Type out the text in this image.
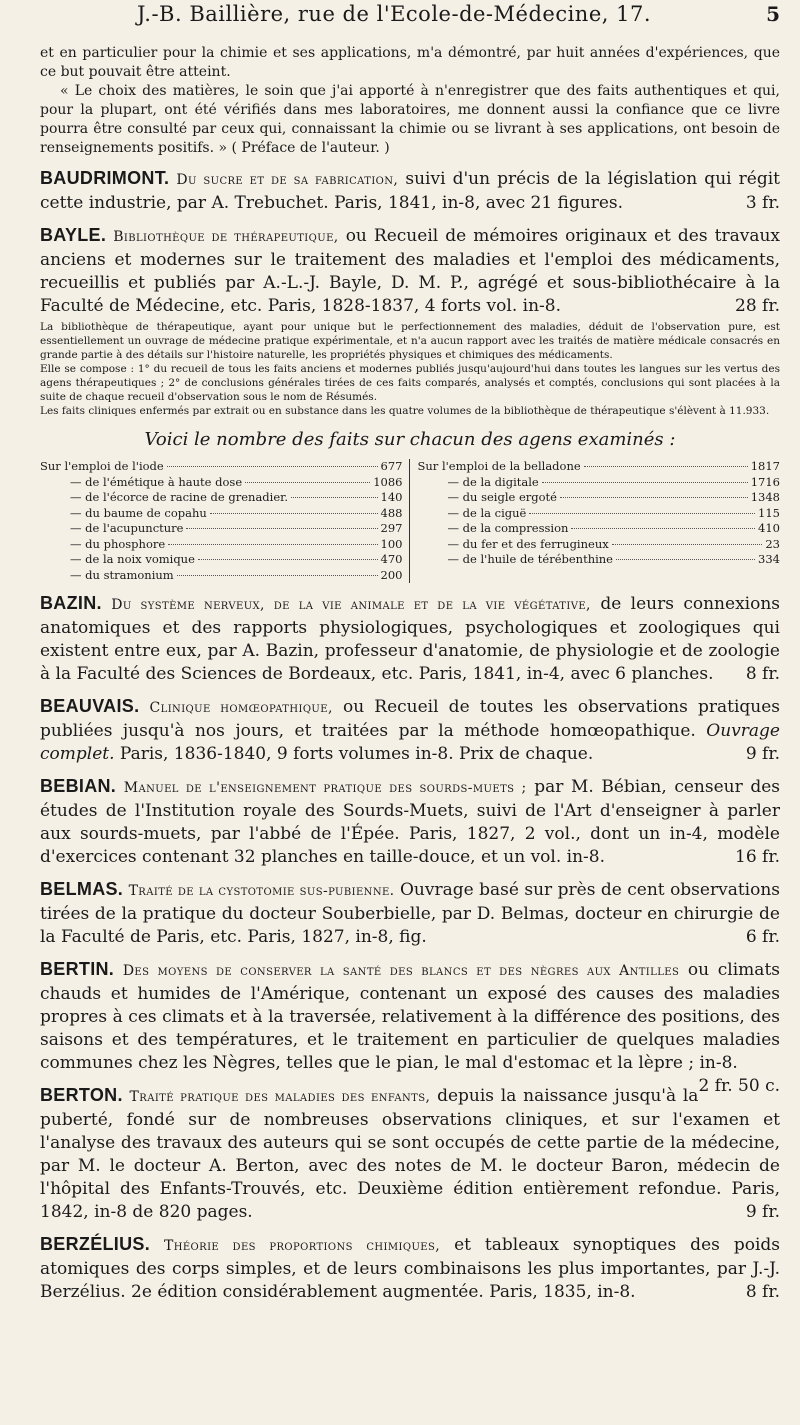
J.-B. Baillière, rue de l'Ecole-de-Médecine, 17.	5

et en particulier pour la chimie et ses applications, m'a démontré, par huit années d'expériences, que ce but pouvait être atteint.

« Le choix des matières, le soin que j'ai apporté à n'enregistrer que des faits authentiques et qui, pour la plupart, ont été vérifiés dans mes laboratoires, me donnent aussi la confiance que ce livre pourra être consulté par ceux qui, connaissant la chimie ou se livrant à ses applications, ont besoin de renseignements positifs. » ( Préface de l'auteur. )

BAUDRIMONT. Du sucre et de sa fabrication, suivi d'un précis de la législation qui régit cette industrie, par A. Trebuchet. Paris, 1841, in-8, avec 21 figures.	3 fr.

BAYLE. Bibliothèque de thérapeutique, ou Recueil de mémoires originaux et des travaux anciens et modernes sur le traitement des maladies et l'emploi des médicaments, recueillis et publiés par A.-L.-J. Bayle, D. M. P., agrégé et sous-bibliothécaire à la Faculté de Médecine, etc. Paris, 1828-1837, 4 forts vol. in-8.	28 fr.

La bibliothèque de thérapeutique, ayant pour unique but le perfectionnement des maladies, déduit de l'observation pure, est essentiellement un ouvrage de médecine pratique expérimentale, et n'a aucun rapport avec les traités de matière médicale consacrés en grande partie à des détails sur l'histoire naturelle, les propriétés physiques et chimiques des médicaments.

Elle se compose : 1° du recueil de tous les faits anciens et modernes publiés jusqu'aujourd'hui dans toutes les langues sur les vertus des agens thérapeutiques ; 2° de conclusions générales tirées de ces faits comparés, analysés et comptés, conclusions qui sont placées à la suite de chaque recueil d'observation sous le nom de Résumés.

Les faits cliniques enfermés par extrait ou en substance dans les quatre volumes de la bibliothèque de thérapeutique s'élèvent à 11.933.

Voici le nombre des faits sur chacun des agens examinés :
Sur l'emploi de l'iode	677
— de l'émétique à haute dose	1086
— de l'écorce de racine de grenadier.	140
— du baume de copahu	488
— de l'acupuncture	297
— du phosphore	100
— de la noix vomique	470
— du stramonium	200
Sur l'emploi de la belladone	1817
— de la digitale	1716
— du seigle ergoté	1348
— de la ciguë	115
— de la compression	410
— du fer et des ferrugineux	23
— de l'huile de térébenthine	334

BAZIN. Du système nerveux, de la vie animale et de la vie végétative, de leurs connexions anatomiques et des rapports physiologiques, psychologiques et zoologiques qui existent entre eux, par A. Bazin, professeur d'anatomie, de physiologie et de zoologie à la Faculté des Sciences de Bordeaux, etc. Paris, 1841, in-4, avec 6 planches. 8 fr.

BEAUVAIS. Clinique homœopathique, ou Recueil de toutes les observations pratiques publiées jusqu'à nos jours, et traitées par la méthode homœopathique. Ouvrage complet. Paris, 1836-1840, 9 forts volumes in-8. Prix de chaque.	9 fr.

BEBIAN. Manuel de l'enseignement pratique des sourds-muets ; par M. Bébian, censeur des études de l'Institution royale des Sourds-Muets, suivi de l'Art d'enseigner à parler aux sourds-muets, par l'abbé de l'Épée. Paris, 1827, 2 vol., dont un in-4, modèle d'exercices contenant 32 planches en taille-douce, et un vol. in-8.	16 fr.

BELMAS. Traité de la cystotomie sus-pubienne. Ouvrage basé sur près de cent observations tirées de la pratique du docteur Souberbielle, par D. Belmas, docteur en chirurgie de la Faculté de Paris, etc. Paris, 1827, in-8, fig.	6 fr.

BERTIN. Des moyens de conserver la santé des blancs et des nègres aux Antilles ou climats chauds et humides de l'Amérique, contenant un exposé des causes des maladies propres à ces climats et à la traversée, relativement à la différence des positions, des saisons et des températures, et le traitement en particulier de quelques maladies communes chez les Nègres, telles que le pian, le mal d'estomac et la lèpre ; in-8.
2 fr. 50 c.

BERTON. Traité pratique des maladies des enfants, depuis la naissance jusqu'à la puberté, fondé sur de nombreuses observations cliniques, et sur l'examen et l'analyse des travaux des auteurs qui se sont occupés de cette partie de la médecine, par M. le docteur A. Berton, avec des notes de M. le docteur Baron, médecin de l'hôpital des Enfants-Trouvés, etc. Deuxième édition entièrement refondue. Paris, 1842, in-8 de 820 pages.	9 fr.

BERZÉLIUS. Théorie des proportions chimiques, et tableaux synoptiques des poids atomiques des corps simples, et de leurs combinaisons les plus importantes, par J.-J. Berzélius. 2e édition considérablement augmentée. Paris, 1835, in-8.	8 fr.
